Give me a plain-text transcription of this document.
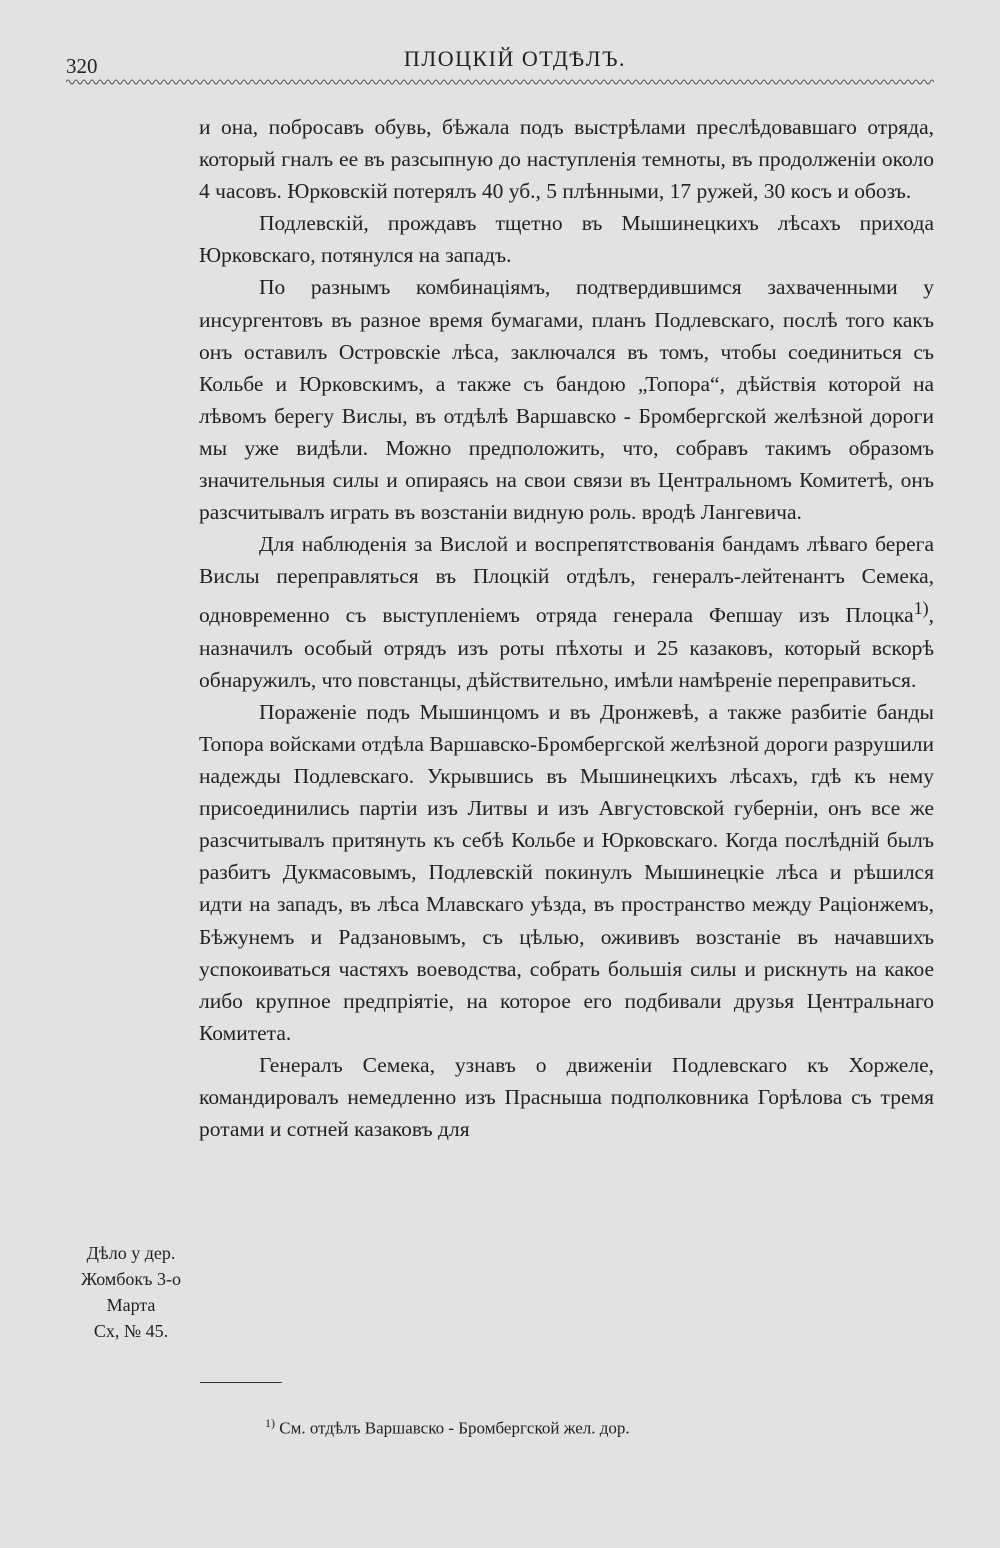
320	ПЛОЦКІЙ ОТДѢЛЪ.

и она, побросавъ обувь, бѣжала подъ выстрѣлами преслѣдовавшаго отряда, который гналъ ее въ разсыпную до наступленія темноты, въ продолженіи около 4 часовъ. Юрковскій потерялъ 40 уб., 5 плѣнными, 17 ружей, 30 косъ и обозъ.

Подлевскій, прождавъ тщетно въ Мышинецкихъ лѣсахъ прихода Юрковскаго, потянулся на западъ.

По разнымъ комбинаціямъ, подтвердившимся захваченными у инсургентовъ въ разное время бумагами, планъ Подлевскаго, послѣ того какъ онъ оставилъ Островскіе лѣса, заключался въ томъ, чтобы соединиться съ Кольбе и Юрковскимъ, а также съ бандою „Топора“, дѣйствія которой на лѣвомъ берегу Вислы, въ отдѣлѣ Варшавско - Бромбергской желѣзной дороги мы уже видѣли. Можно предположить, что, собравъ такимъ образомъ значительныя силы и опираясь на свои связи въ Центральномъ Комитетѣ, онъ разсчитывалъ играть въ возстаніи видную роль. вродѣ Лангевича.

Для наблюденія за Вислой и воспрепятствованія бандамъ лѣваго берега Вислы переправляться въ Плоцкій отдѣлъ, генералъ-лейтенантъ Семека, одновременно съ выступленіемъ отряда генерала Фепшау изъ Плоцка$^{1)}$, назначилъ особый отрядъ изъ роты пѣхоты и 25 казаковъ, который вскорѣ обнаружилъ, что повстанцы, дѣйствительно, имѣли намѣреніе переправиться.

Пораженіе подъ Мышинцомъ и въ Дронжевѣ, а также разбитіе банды Топора войсками отдѣла Варшавско-Бромбергской желѣзной дороги разрушили надежды Подлевскаго. Укрывшись въ Мышинецкихъ лѣсахъ, гдѣ къ нему присоединились партіи изъ Литвы и изъ Августовской губерніи, онъ все же разсчитывалъ притянуть къ себѣ Кольбе и Юрковскаго. Когда послѣдній былъ разбитъ Дукмасовымъ, Подлевскій покинулъ Мышинецкіе лѣса и рѣшился идти на западъ, въ лѣса Млавскаго уѣзда, въ пространство между Раціонжемъ, Бѣжунемъ и Радзановымъ, съ цѣлью, ожививъ возстаніе въ начавшихъ успокоиваться частяхъ воеводства, собрать большія силы и рискнуть на какое либо крупное предпріятіе, на которое его подбивали друзья Центральнаго Комитета.

Генералъ Семека, узнавъ о движеніи Подлевскаго къ Хоржеле, командировалъ немедленно изъ Прасныша подполковника Горѣлова съ тремя ротами и сотней казаковъ для

Дѣло у дер.
Жомбокъ 3-о
Марта
Сх, № 45.
$^{1)}$ См. отдѣлъ Варшавско - Бромбергской жел. дор.
